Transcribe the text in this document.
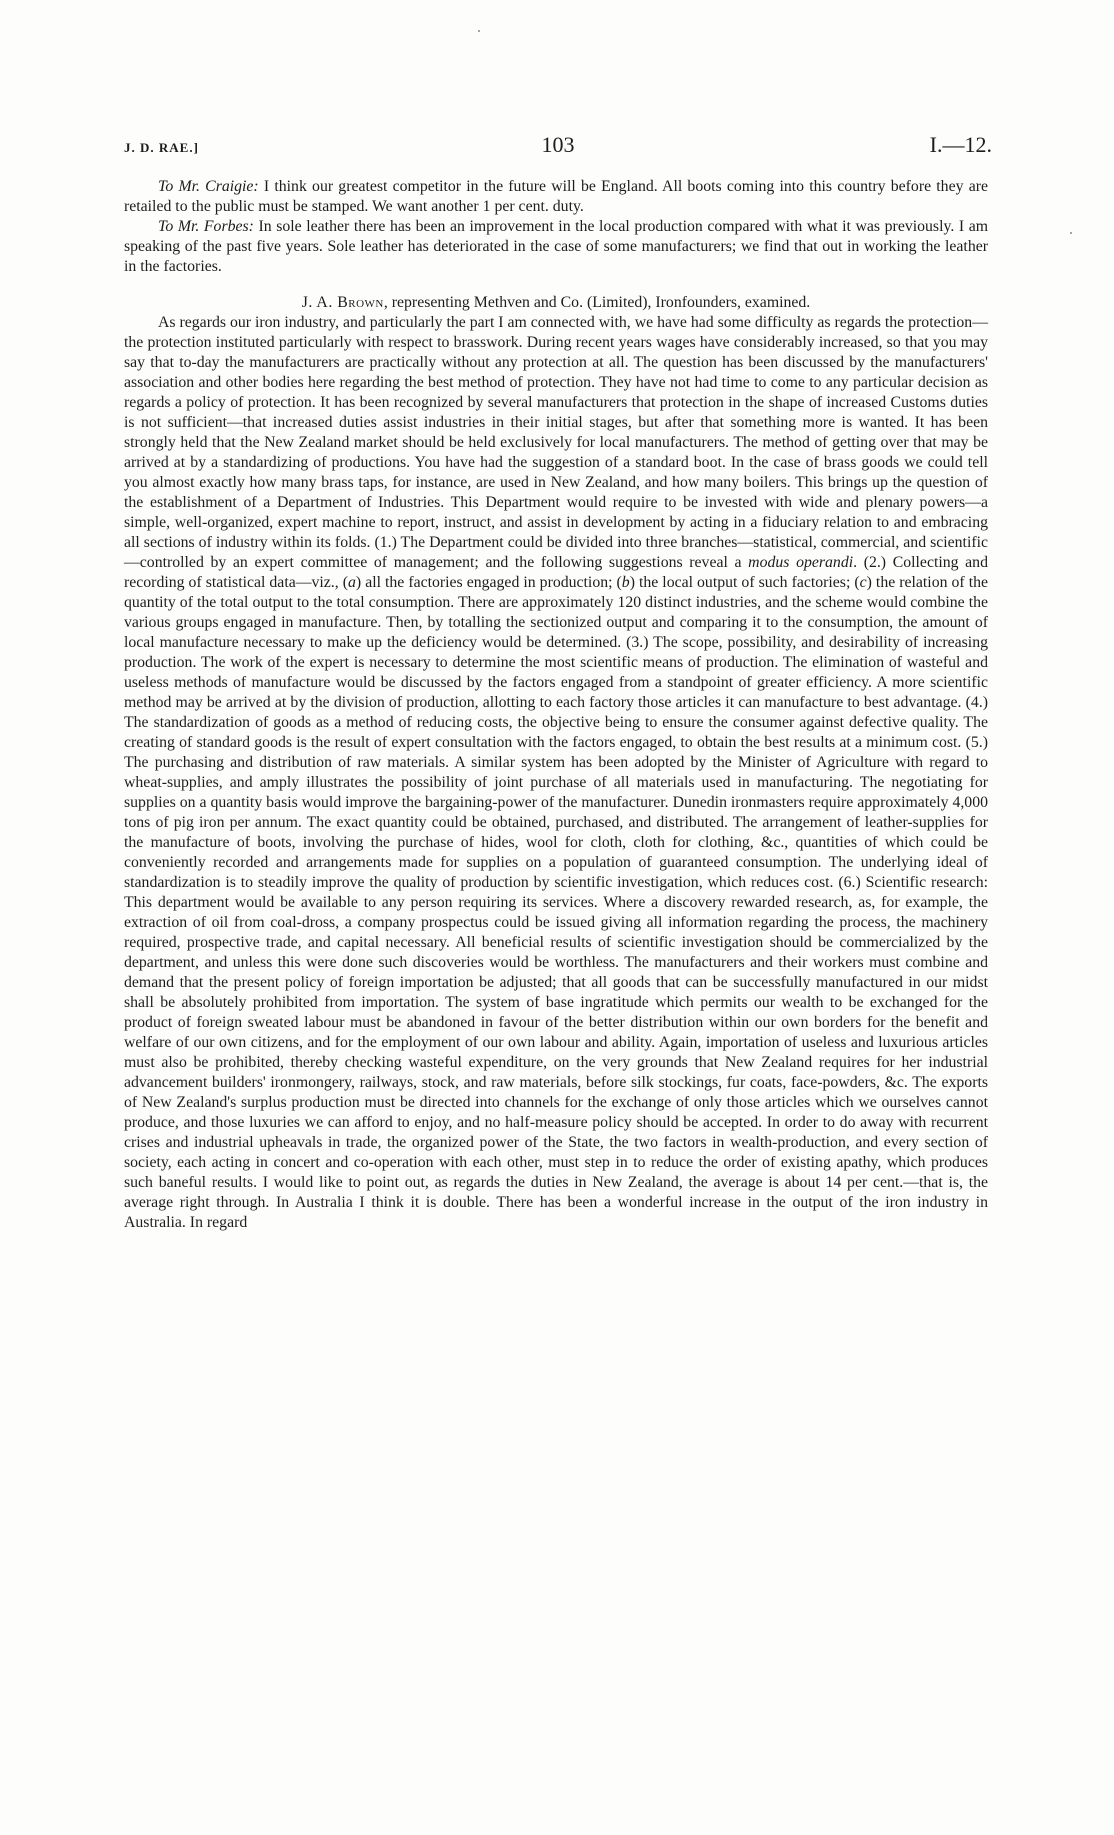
J. D. RAE.]	103	I.—12.

To Mr. Craigie: I think our greatest competitor in the future will be England. All boots coming into this country before they are retailed to the public must be stamped. We want another 1 per cent. duty.

To Mr. Forbes: In sole leather there has been an improvement in the local production compared with what it was previously. I am speaking of the past five years. Sole leather has deteriorated in the case of some manufacturers; we find that out in working the leather in the factories.

J. A. Brown, representing Methven and Co. (Limited), Ironfounders, examined.

As regards our iron industry, and particularly the part I am connected with, we have had some difficulty as regards the protection—the protection instituted particularly with respect to brasswork. During recent years wages have considerably increased, so that you may say that to-day the manufacturers are practically without any protection at all. The question has been discussed by the manufacturers' association and other bodies here regarding the best method of protection. They have not had time to come to any particular decision as regards a policy of protection. It has been recognized by several manufacturers that protection in the shape of increased Customs duties is not sufficient—that increased duties assist industries in their initial stages, but after that something more is wanted. It has been strongly held that the New Zealand market should be held exclusively for local manufacturers. The method of getting over that may be arrived at by a standardizing of productions. You have had the suggestion of a standard boot. In the case of brass goods we could tell you almost exactly how many brass taps, for instance, are used in New Zealand, and how many boilers. This brings up the question of the establishment of a Department of Industries. This Department would require to be invested with wide and plenary powers—a simple, well-organized, expert machine to report, instruct, and assist in development by acting in a fiduciary relation to and embracing all sections of industry within its folds. (1.) The Department could be divided into three branches—statistical, commercial, and scientific—controlled by an expert committee of management; and the following suggestions reveal a modus operandi. (2.) Collecting and recording of statistical data—viz., (a) all the factories engaged in production; (b) the local output of such factories; (c) the relation of the quantity of the total output to the total consumption. There are approximately 120 distinct industries, and the scheme would combine the various groups engaged in manufacture. Then, by totalling the sectionized output and comparing it to the consumption, the amount of local manufacture necessary to make up the deficiency would be determined. (3.) The scope, possibility, and desirability of increasing production. The work of the expert is necessary to determine the most scientific means of production. The elimination of wasteful and useless methods of manufacture would be discussed by the factors engaged from a standpoint of greater efficiency. A more scientific method may be arrived at by the division of production, allotting to each factory those articles it can manufacture to best advantage. (4.) The standardization of goods as a method of reducing costs, the objective being to ensure the consumer against defective quality. The creating of standard goods is the result of expert consultation with the factors engaged, to obtain the best results at a minimum cost. (5.) The purchasing and distribution of raw materials. A similar system has been adopted by the Minister of Agriculture with regard to wheat-supplies, and amply illustrates the possibility of joint purchase of all materials used in manufacturing. The negotiating for supplies on a quantity basis would improve the bargaining-power of the manufacturer. Dunedin ironmasters require approximately 4,000 tons of pig iron per annum. The exact quantity could be obtained, purchased, and distributed. The arrangement of leather-supplies for the manufacture of boots, involving the purchase of hides, wool for cloth, cloth for clothing, &c., quantities of which could be conveniently recorded and arrangements made for supplies on a population of guaranteed consumption. The underlying ideal of standardization is to steadily improve the quality of production by scientific investigation, which reduces cost. (6.) Scientific research: This department would be available to any person requiring its services. Where a discovery rewarded research, as, for example, the extraction of oil from coal-dross, a company prospectus could be issued giving all information regarding the process, the machinery required, prospective trade, and capital necessary. All beneficial results of scientific investigation should be commercialized by the department, and unless this were done such discoveries would be worthless. The manufacturers and their workers must combine and demand that the present policy of foreign importation be adjusted; that all goods that can be successfully manufactured in our midst shall be absolutely prohibited from importation. The system of base ingratitude which permits our wealth to be exchanged for the product of foreign sweated labour must be abandoned in favour of the better distribution within our own borders for the benefit and welfare of our own citizens, and for the employment of our own labour and ability. Again, importation of useless and luxurious articles must also be prohibited, thereby checking wasteful expenditure, on the very grounds that New Zealand requires for her industrial advancement builders' ironmongery, railways, stock, and raw materials, before silk stockings, fur coats, face-powders, &c. The exports of New Zealand's surplus production must be directed into channels for the exchange of only those articles which we ourselves cannot produce, and those luxuries we can afford to enjoy, and no half-measure policy should be accepted. In order to do away with recurrent crises and industrial upheavals in trade, the organized power of the State, the two factors in wealth-production, and every section of society, each acting in concert and co-operation with each other, must step in to reduce the order of existing apathy, which produces such baneful results. I would like to point out, as regards the duties in New Zealand, the average is about 14 per cent.—that is, the average right through. In Australia I think it is double. There has been a wonderful increase in the output of the iron industry in Australia. In regard
